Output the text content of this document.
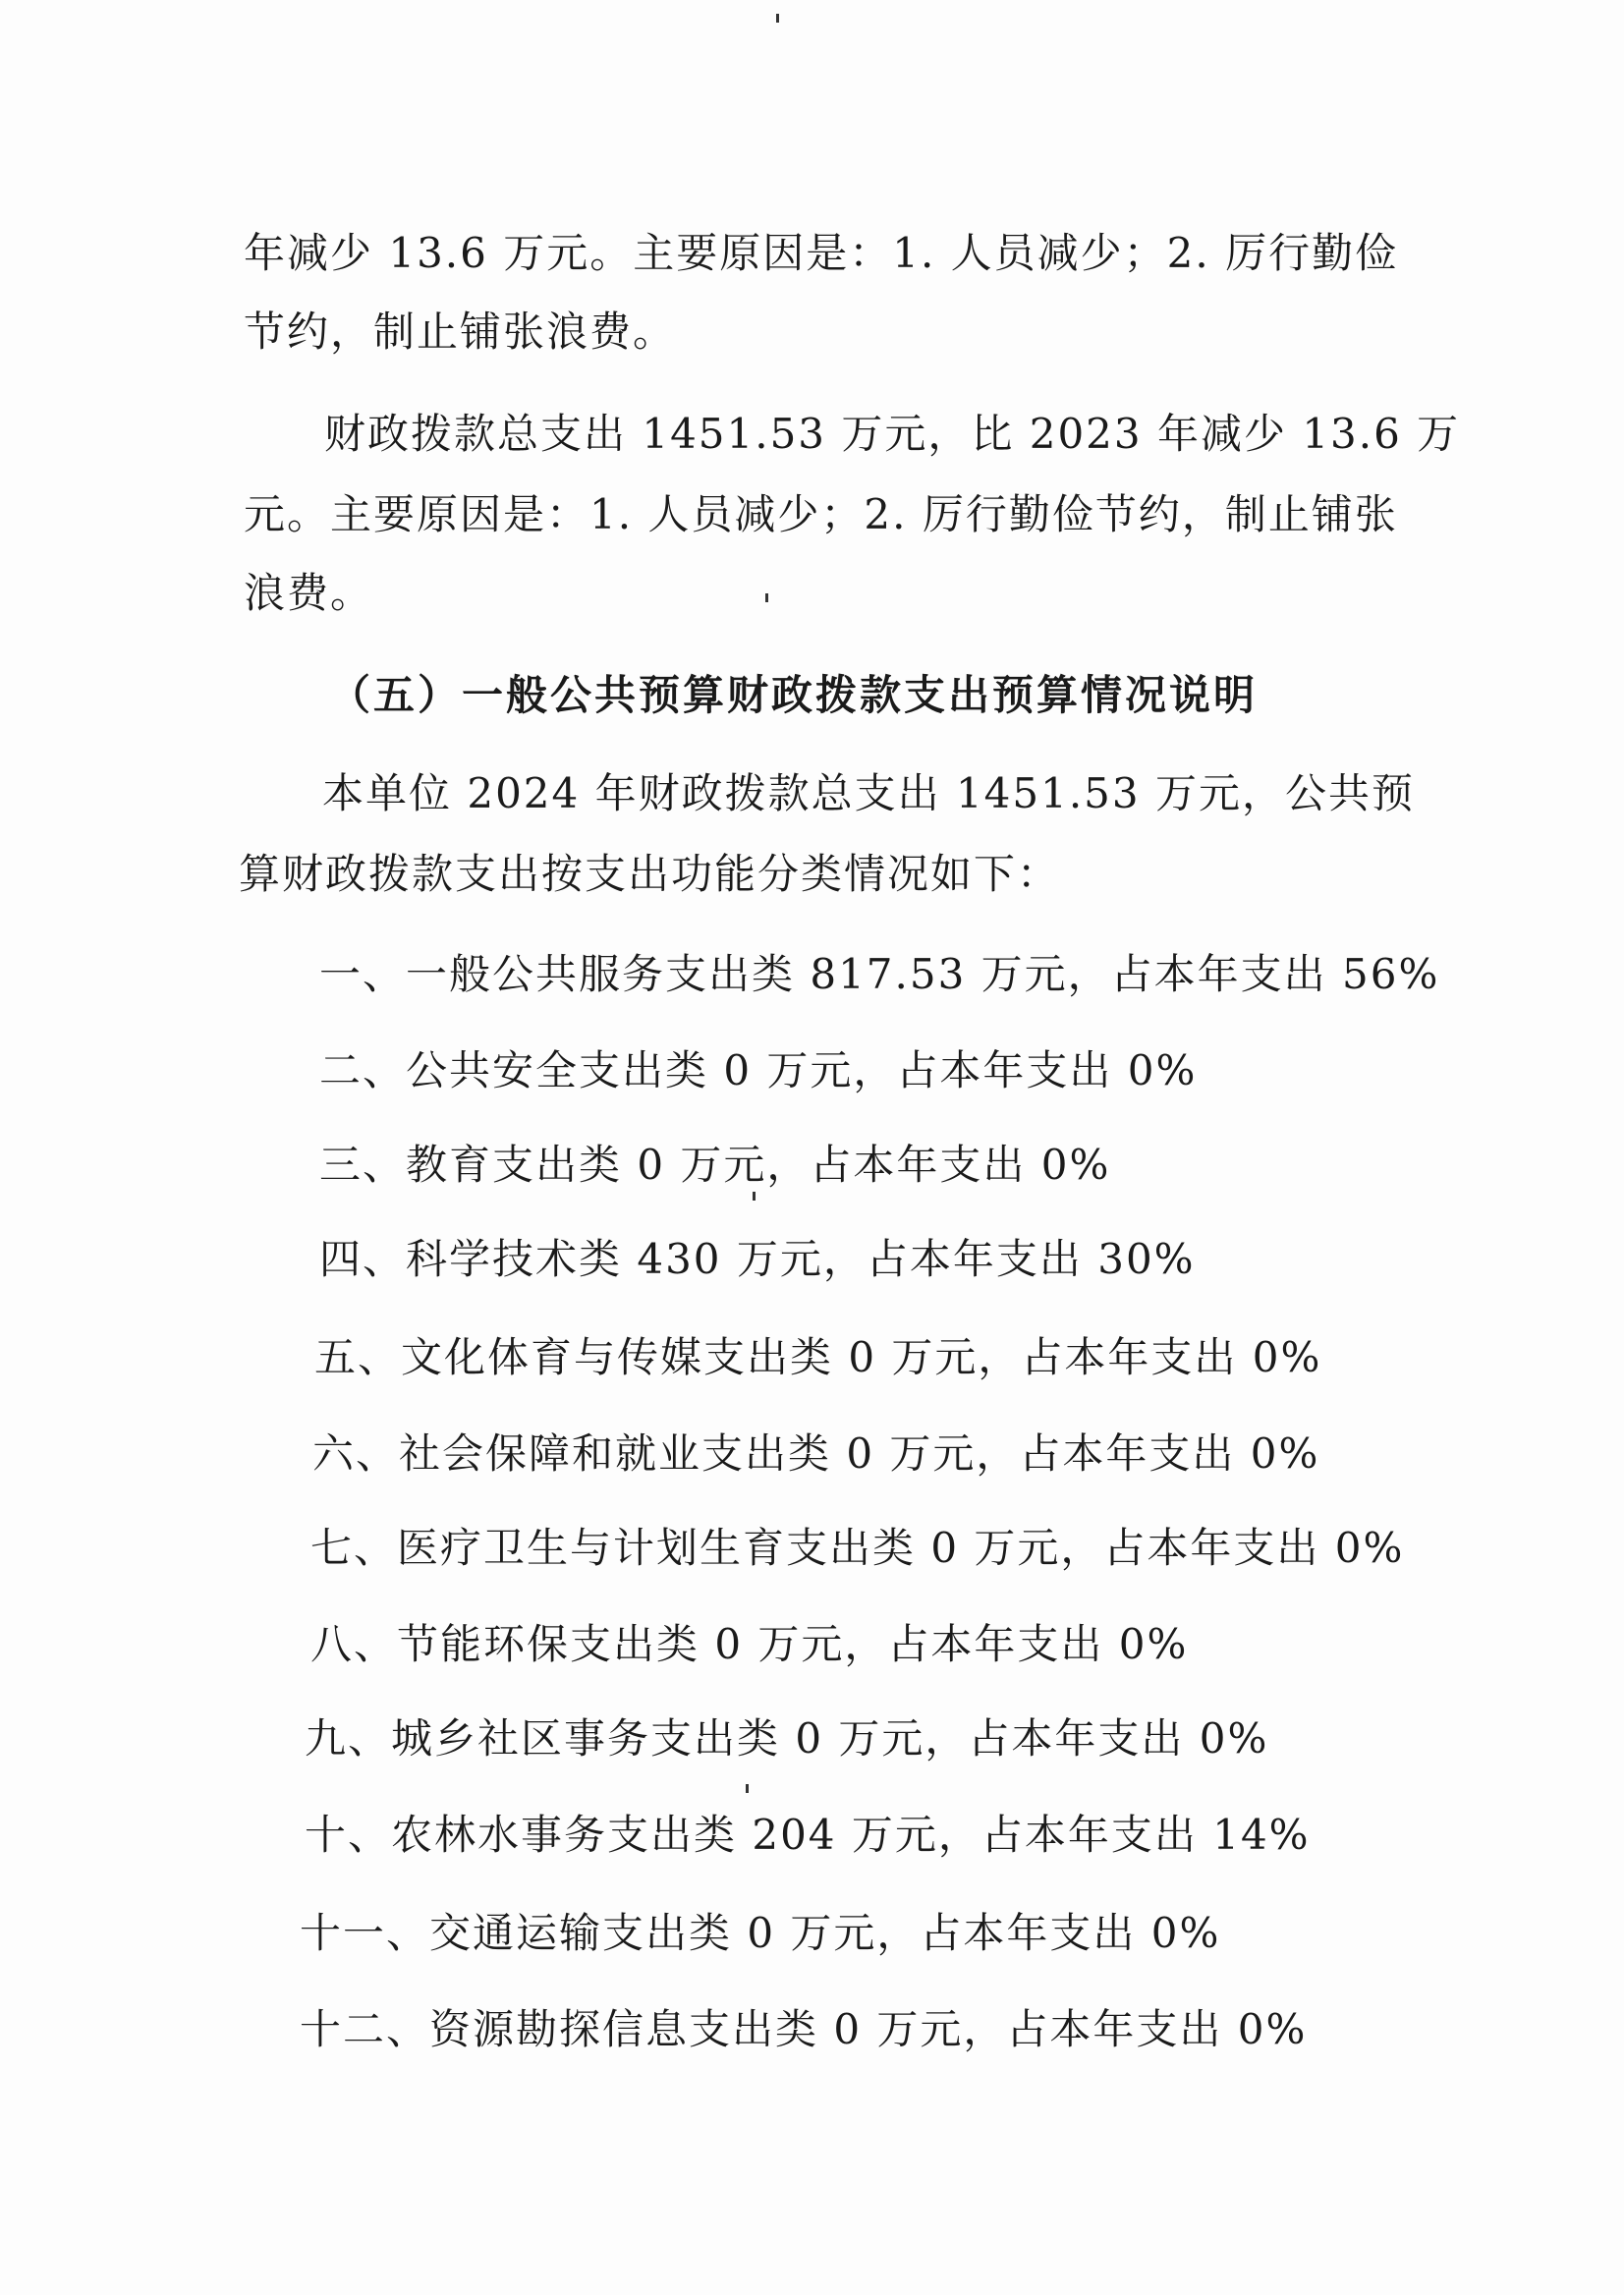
年减少 13.6 万元。主要原因是：1. 人员减少；2. 厉行勤俭
节约，制止铺张浪费。
财政拨款总支出 1451.53 万元，比 2023 年减少 13.6 万
元。主要原因是：1. 人员减少；2. 厉行勤俭节约，制止铺张
浪费。
（五）一般公共预算财政拨款支出预算情况说明
本单位 2024 年财政拨款总支出 1451.53 万元，公共预
算财政拨款支出按支出功能分类情况如下：
一、一般公共服务支出类 817.53 万元，占本年支出 56%
二、公共安全支出类 0 万元，占本年支出 0%
三、教育支出类 0 万元，占本年支出 0%
四、科学技术类 430 万元，占本年支出 30%
五、文化体育与传媒支出类 0 万元，占本年支出 0%
六、社会保障和就业支出类 0 万元，占本年支出 0%
七、医疗卫生与计划生育支出类 0 万元，占本年支出 0%
八、节能环保支出类 0 万元，占本年支出 0%
九、城乡社区事务支出类 0 万元，占本年支出 0%
十、农林水事务支出类 204 万元，占本年支出 14%
十一、交通运输支出类 0 万元，占本年支出 0%
十二、资源勘探信息支出类 0 万元，占本年支出 0%
